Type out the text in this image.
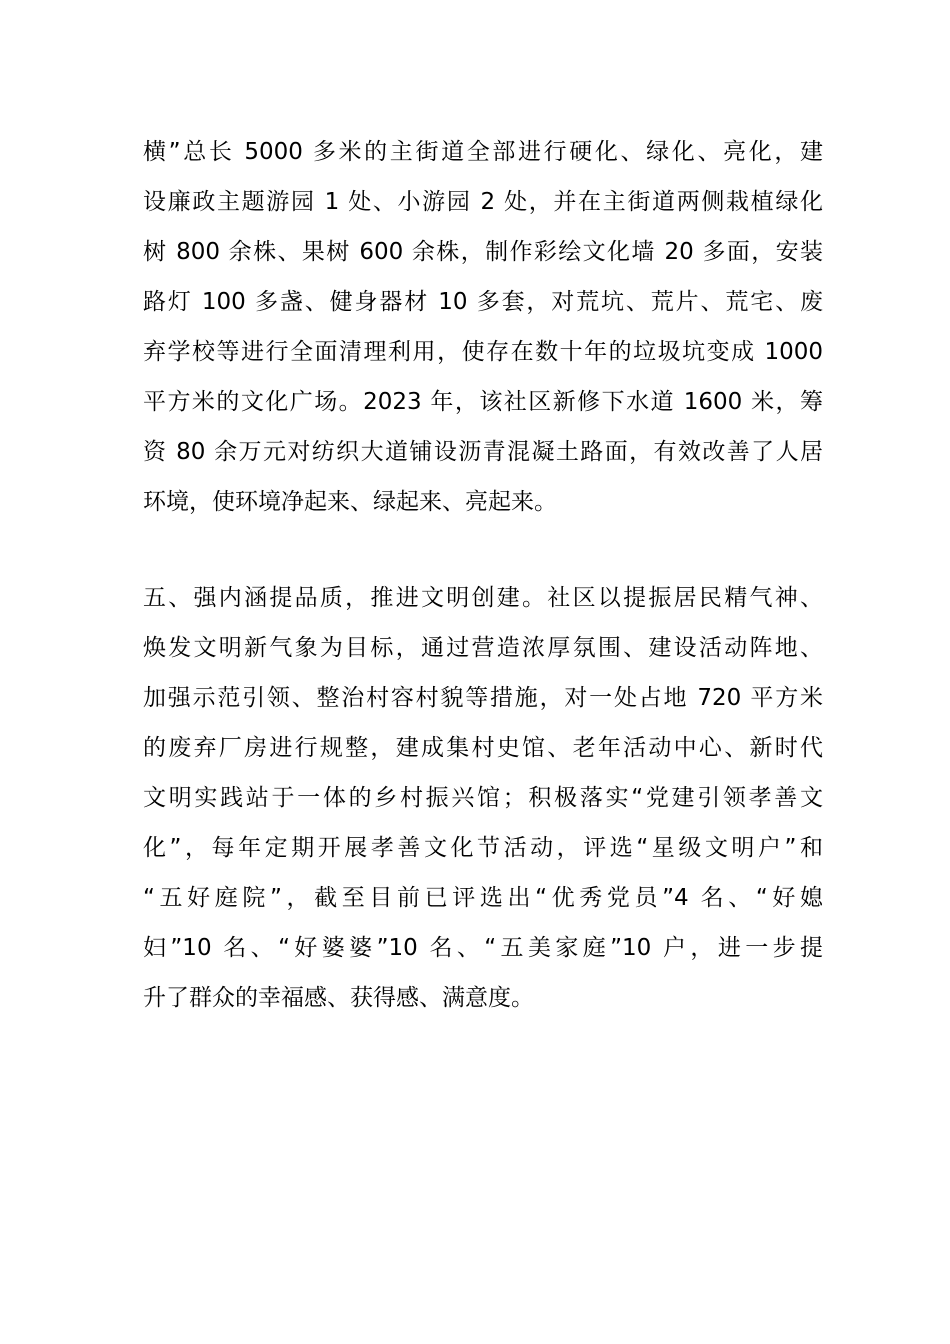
横”总长 5000 多米的主街道全部进行硬化、绿化、亮化，建
设廉政主题游园 1 处、小游园 2 处，并在主街道两侧栽植绿化
树 800 余株、果树 600 余株，制作彩绘文化墙 20 多面，安装
路灯 100 多盏、健身器材 10 多套，对荒坑、荒片、荒宅、废
弃学校等进行全面清理利用，使存在数十年的垃圾坑变成 1000
平方米的文化广场。2023 年，该社区新修下水道 1600 米，筹
资 80 余万元对纺织大道铺设沥青混凝土路面，有效改善了人居
环境，使环境净起来、绿起来、亮起来。
五、强内涵提品质，推进文明创建。社区以提振居民精气神、
焕发文明新气象为目标，通过营造浓厚氛围、建设活动阵地、
加强示范引领、整治村容村貌等措施，对一处占地 720 平方米
的废弃厂房进行规整，建成集村史馆、老年活动中心、新时代
文明实践站于一体的乡村振兴馆；积极落实“党建引领孝善文
化”，每年定期开展孝善文化节活动，评选“星级文明户”和
“五好庭院”，截至目前已评选出“优秀党员”4 名、“好媳
妇”10 名、“好婆婆”10 名、“五美家庭”10 户，进一步提
升了群众的幸福感、获得感、满意度。
